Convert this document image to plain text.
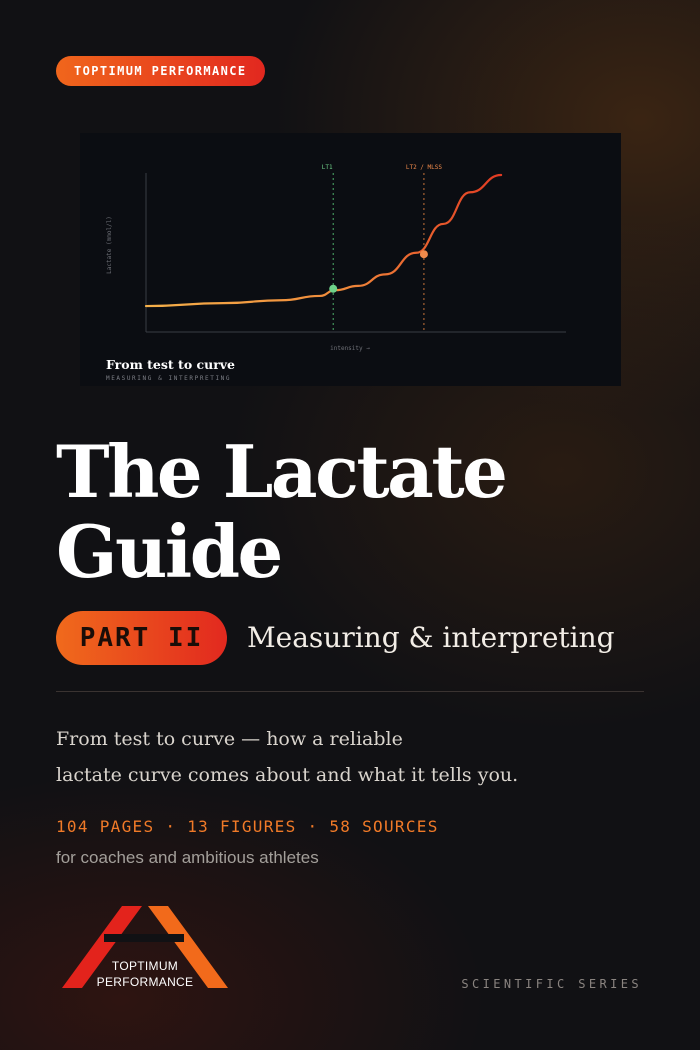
TOPTIMUM PERFORMANCE
Lactate (mmol/l)
intensity →
LT1	LT2 / MLSS
From test to curve
MEASURING & INTERPRETING
The Lactate
Guide
PART II	Measuring & interpreting

From test to curve — how a reliable
lactate curve comes about and what it tells you.

104 PAGES · 13 FIGURES · 58 SOURCES
for coaches and ambitious athletes
TOPTIMUM
PERFORMANCE	SCIENTIFIC SERIES
